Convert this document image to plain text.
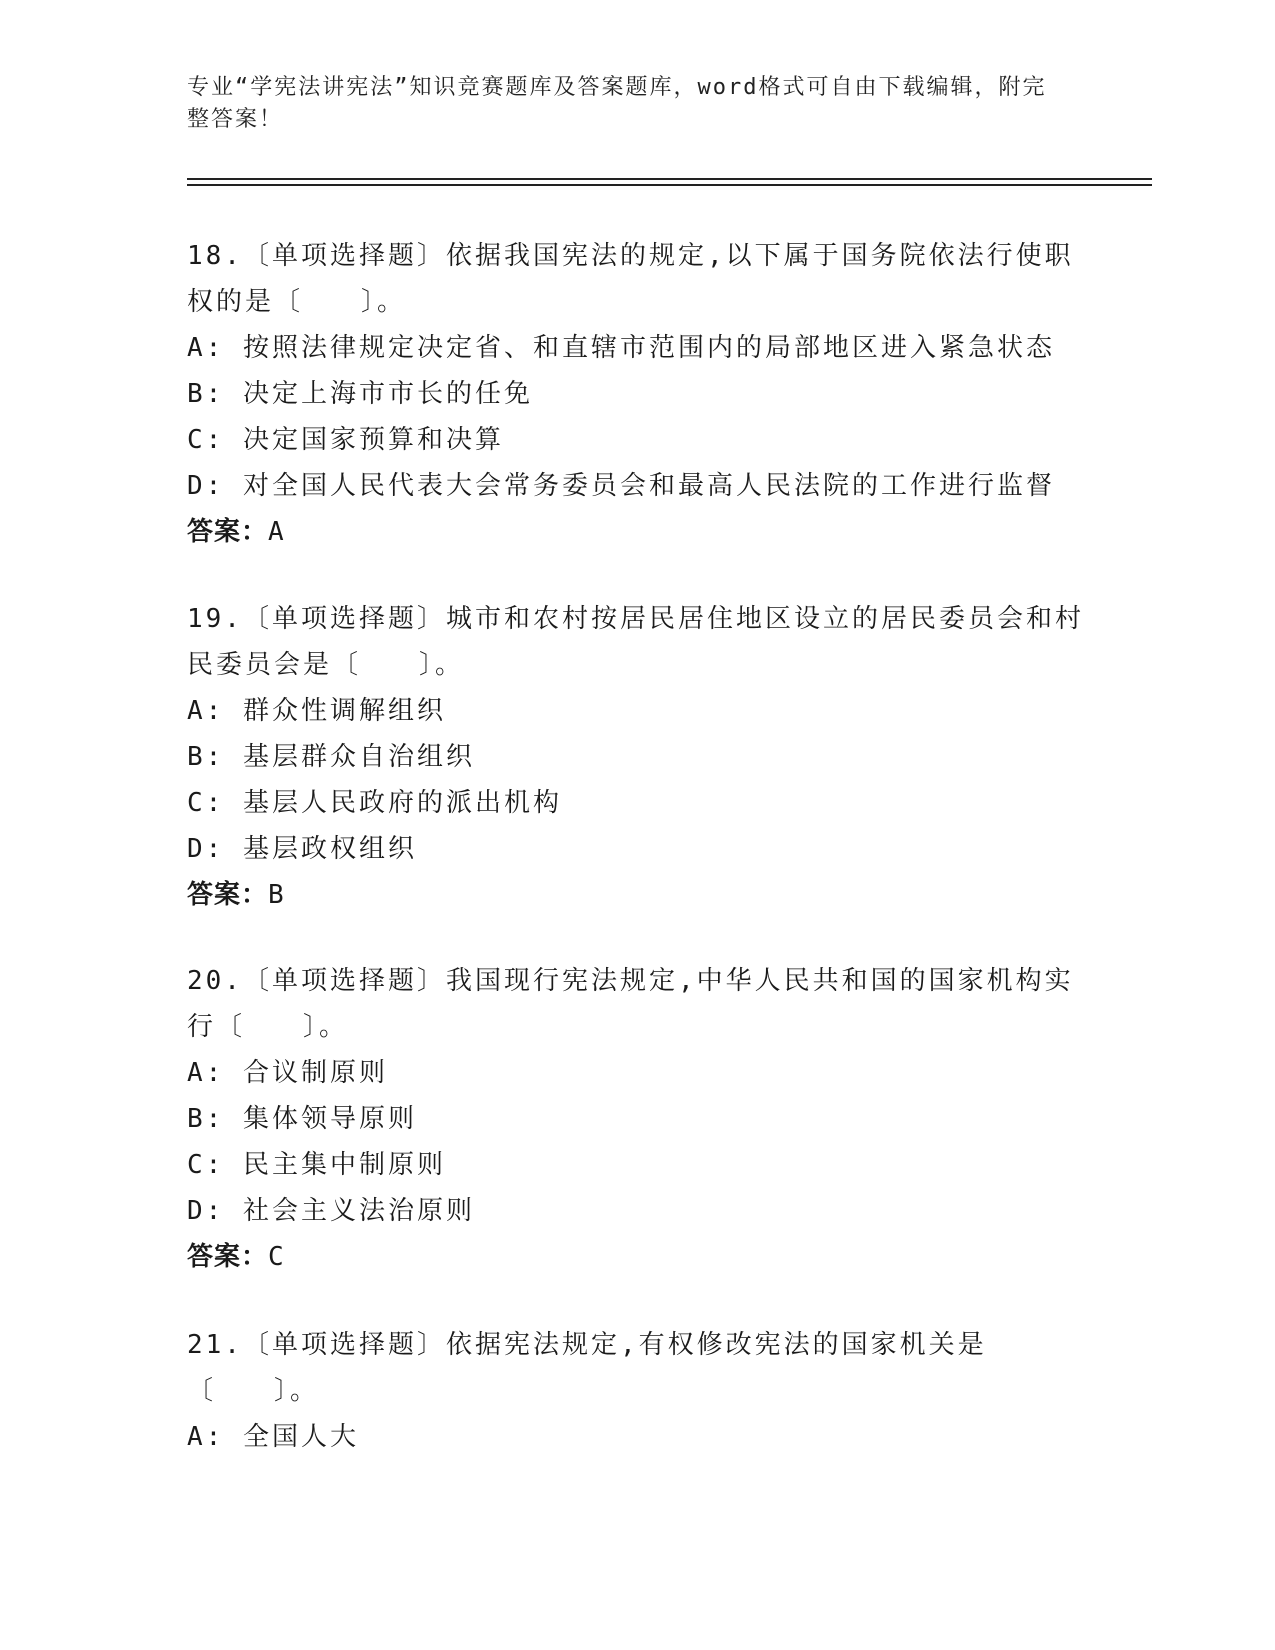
专业“学宪法讲宪法”知识竞赛题库及答案题库，word格式可自由下载编辑，附完整答案！

18.〔单项选择题〕依据我国宪法的规定,以下属于国务院依法行使职权的是〔　　〕。

A: 按照法律规定决定省、和直辖市范围内的局部地区进入紧急状态

B: 决定上海市市长的任免

C: 决定国家预算和决算

D: 对全国人民代表大会常务委员会和最高人民法院的工作进行监督

答案：A

19.〔单项选择题〕城市和农村按居民居住地区设立的居民委员会和村民委员会是〔　　〕。

A: 群众性调解组织

B: 基层群众自治组织

C: 基层人民政府的派出机构

D: 基层政权组织

答案：B

20.〔单项选择题〕我国现行宪法规定,中华人民共和国的国家机构实行〔　　〕。

A: 合议制原则

B: 集体领导原则

C: 民主集中制原则

D: 社会主义法治原则

答案：C

21.〔单项选择题〕依据宪法规定,有权修改宪法的国家机关是〔　　〕。

A: 全国人大
